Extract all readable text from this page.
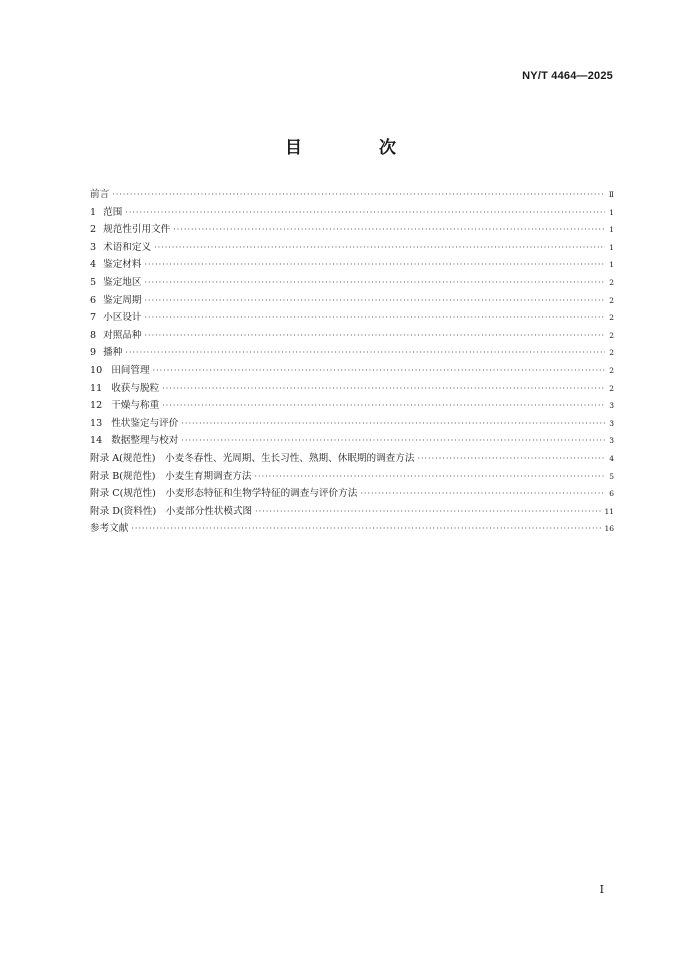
NY/T 4464—2025
目　次
前言 ·····	Ⅱ
1 范围 ·····	1
2 规范性引用文件 ·····	1
3 术语和定义 ·····	1
4 鉴定材料 ·····	1
5 鉴定地区 ·····	2
6 鉴定周期 ·····	2
7 小区设计 ·····	2
8 对照品种 ·····	2
9 播种 ·····	2
10 田间管理 ·····	2
11 收获与脱粒 ·····	2
12 干燥与称重 ·····	3
13 性状鉴定与评价 ·····	3
14 数据整理与校对 ·····	3
附录 A(规范性)　小麦冬春性、光周期、生长习性、熟期、休眠期的调查方法 ·····	4
附录 B(规范性)　小麦生育期调查方法 ·····	5
附录 C(规范性)　小麦形态特征和生物学特征的调查与评价方法 ·····	6
附录 D(资料性)　小麦部分性状模式图 ·····	11
参考文献 ·····	16
I
